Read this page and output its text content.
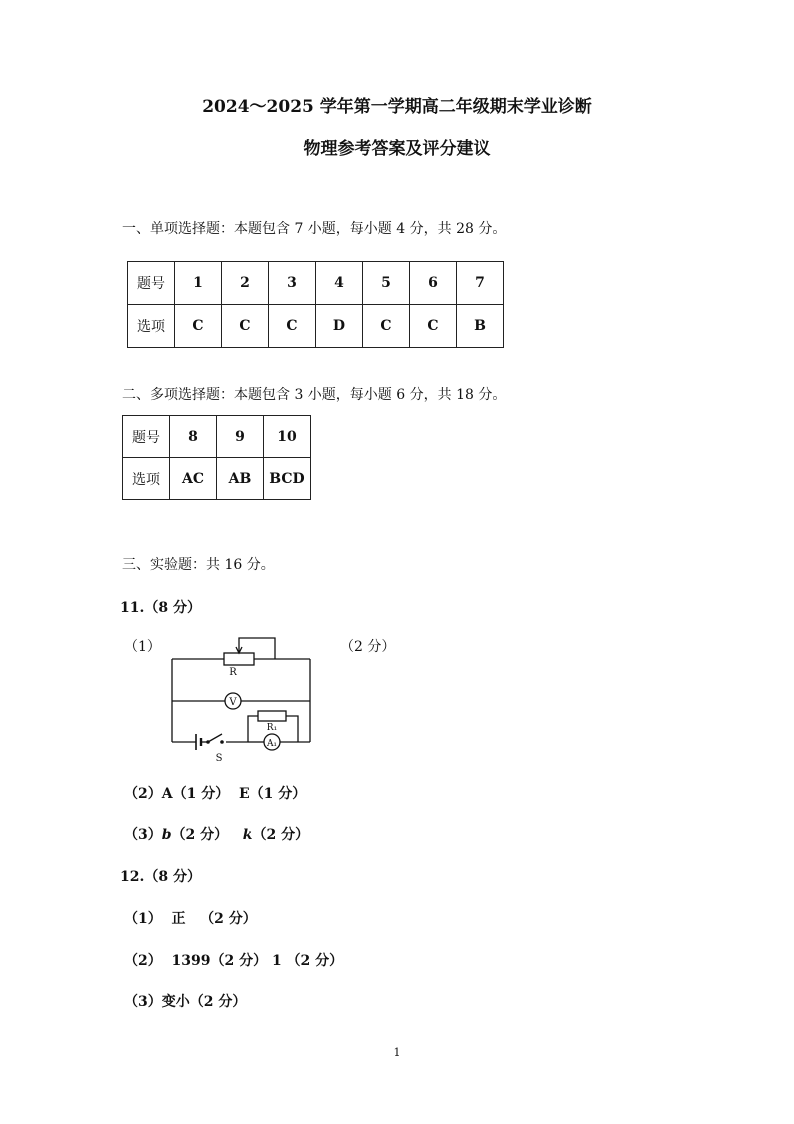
2024～2025 学年第一学期高二年级期末学业诊断
物理参考答案及评分建议
一、单项选择题：本题包含 7 小题，每小题 4 分，共 28 分。
题号	1	2	3	4	5	6	7
选项	C	C	C	D	C	C	B
二、多项选择题：本题包含 3 小题，每小题 6 分，共 18 分。
题号	8	9	10
选项	AC	AB	BCD
三、实验题：共 16 分。
11.（8 分）
（1）	（2 分）
R
V
R₁
A₁
S
（2）A（1 分）  E（1 分）
（3）b（2 分）   k（2 分）
12.（8 分）
（1）  正   （2 分）
（2）  1399（2 分） 1 （2 分）
（3）变小（2 分）
1
